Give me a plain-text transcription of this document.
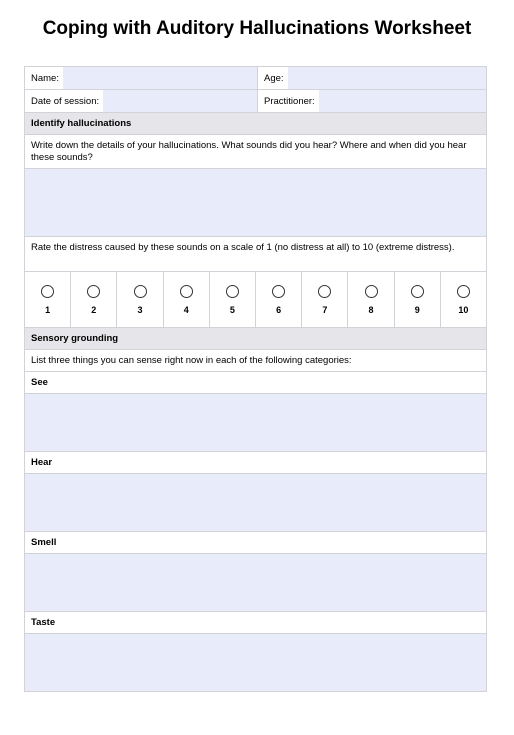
Coping with Auditory Hallucinations Worksheet
Name:	Age:
Date of session:	Practitioner:
Identify hallucinations
Write down the details of your hallucinations. What sounds did you hear? Where and when did you hear these sounds?
Rate the distress caused by these sounds on a scale of 1 (no distress at all) to 10 (extreme distress).
1	2	3	4	5	6	7	8	9	10
Sensory grounding
List three things you can sense right now in each of the following categories:
See
Hear
Smell
Taste
